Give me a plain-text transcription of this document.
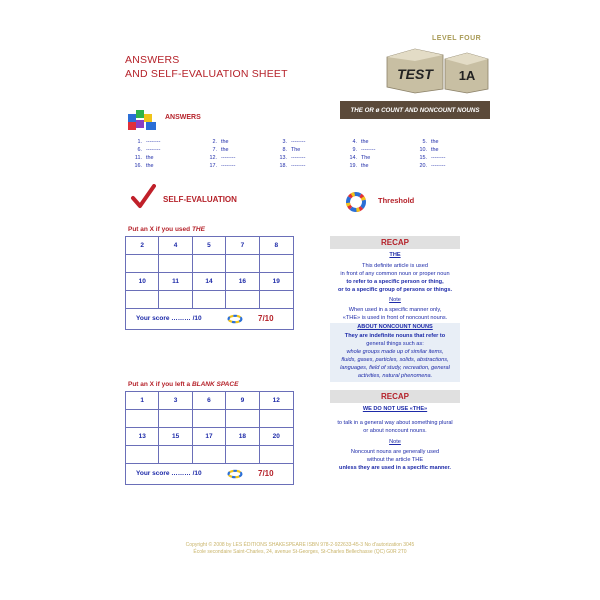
ANSWERS
AND SELF-EVALUATION SHEET
LEVEL FOUR
TEST 1A
THE OR ø COUNT AND NONCOUNT NOUNS
ANSWERS
1. --------	2. the	3. --------	4. the	5. the
6. --------	7. the	8. The	9. --------	10. the
11. the	12. --------	13. --------	14. The	15. --------
16. the	17. --------	18. --------	19. the	20. --------
SELF-EVALUATION	Threshold
Put an X if you used THE
2	4	5	7	8
10	11	14	16	19
Your score ……… /10	7/10
Put an X if you left a BLANK SPACE
1	3	6	9	12
13	15	17	18	20
Your score ……… /10	7/10
RECAP
THE
This definite article is used
in front of any common noun or proper noun
to refer to a specific person or thing,
or to a specific group of persons or things.
Note
When used in a specific manner only,
«THE» is used in front of noncount nouns.
ABOUT NONCOUNT NOUNS
They are indefinite nouns that refer to
general things such as:
whole groups made up of similar items,
fluids, gases, particles, solids, abstractions,
languages, field of study, recreation, general
activities, natural phenomena.
RECAP
WE DO NOT USE «THE»
to talk in a general way about something plural
or about noncount nouns.
Note
Noncount nouns are generally used
without the article THE
unless they are used in a specific manner.
Copyright © 2008 by LES ÉDITIONS SHAKESPEARE ISBN 978-2-922633-45-3 No d'autorization 3045
École secondaire Saint-Charles, 24, avenue St-Georges, St-Charles Bellechasse (QC) G0R 2T0
